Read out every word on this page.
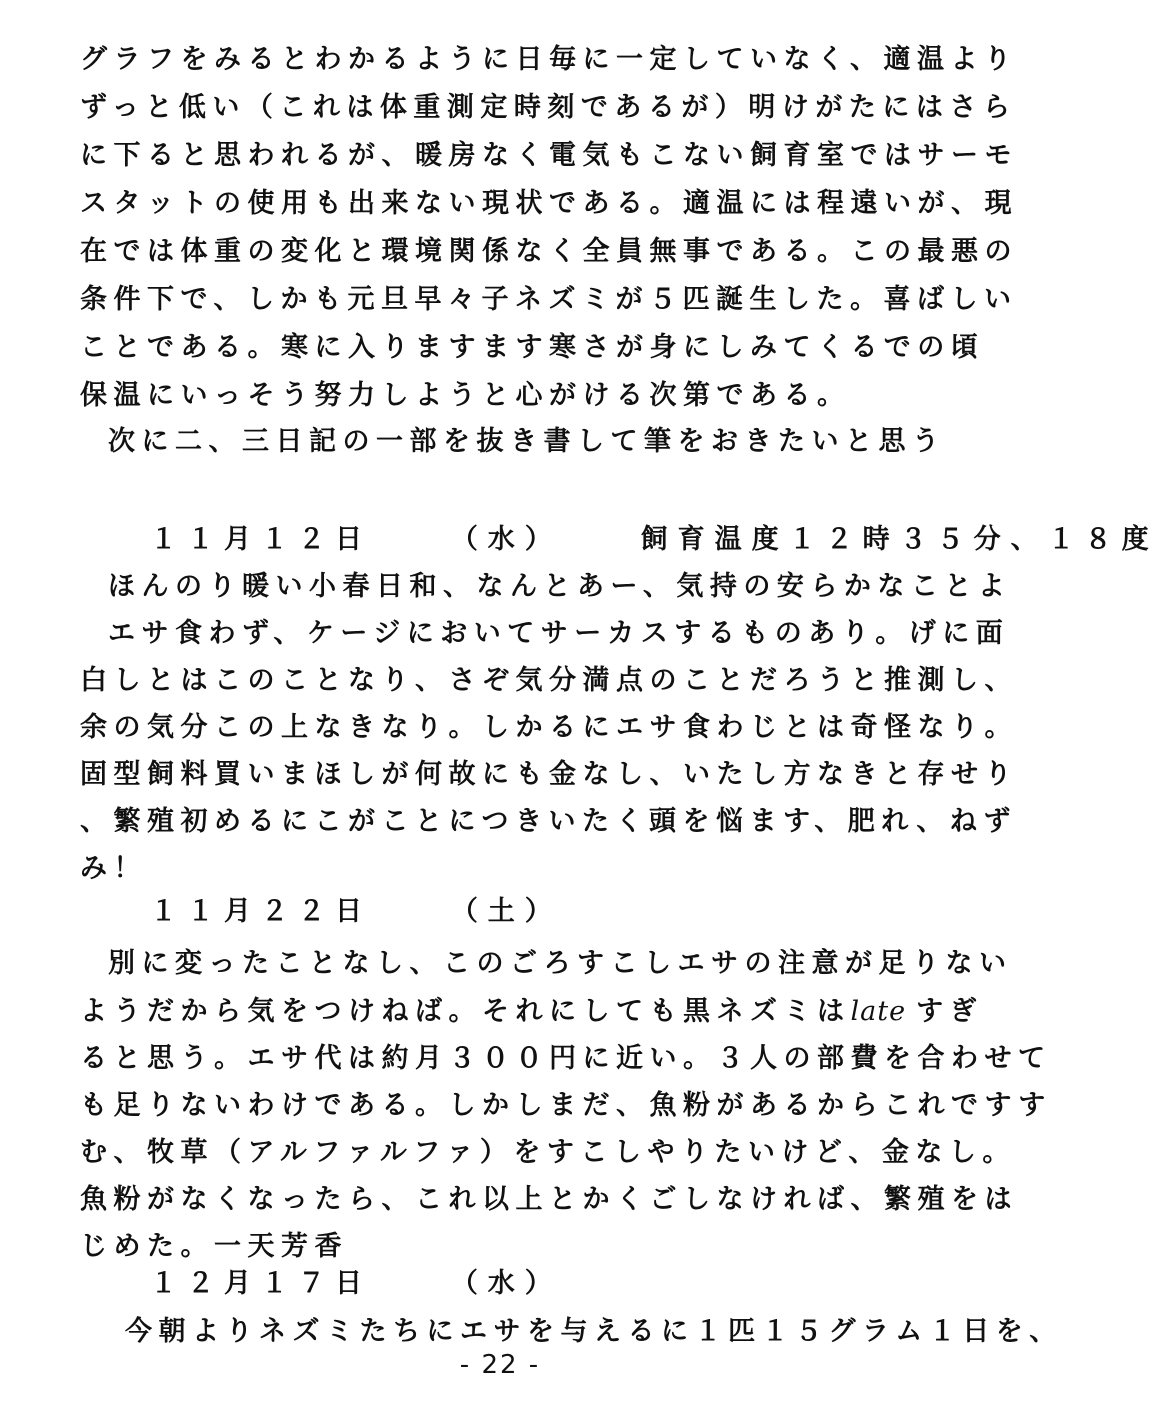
グラフをみるとわかるように日毎に一定していなく、適温より
ずっと低い（これは体重測定時刻であるが）明けがたにはさら
に下ると思われるが、暖房なく電気もこない飼育室ではサーモ
スタットの使用も出来ない現状である。適温には程遠いが、現
在では体重の変化と環境関係なく全員無事である。この最悪の
条件下で、しかも元旦早々子ネズミが５匹誕生した。喜ばしい
ことである。寒に入りますます寒さが身にしみてくるでの頃
保温にいっそう努力しようと心がける次第である。
次に二、三日記の一部を抜き書して筆をおきたいと思う
１１月１２日	（水）	飼育温度１２時３５分、１８度
ほんのり暖い小春日和、なんとあー、気持の安らかなことよ
エサ食わず、ケージにおいてサーカスするものあり。げに面
白しとはこのことなり、さぞ気分満点のことだろうと推測し、
余の気分この上なきなり。しかるにエサ食わじとは奇怪なり。
固型飼料買いまほしが何故にも金なし、いたし方なきと存せり
、繁殖初めるにこがことにつきいたく頭を悩ます、肥れ、ねず
み！
１１月２２日	（土）
別に変ったことなし、このごろすこしエサの注意が足りない
ようだから気をつけねば。それにしても黒ネズミはlate すぎ
ると思う。エサ代は約月３００円に近い。３人の部費を合わせて
も足りないわけである。しかしまだ、魚粉があるからこれですす
む、牧草（アルファルファ）をすこしやりたいけど、金なし。
魚粉がなくなったら、これ以上とかくごしなければ、繁殖をは
じめた。一天芳香
１２月１７日	（水）
今朝よりネズミたちにエサを与えるに１匹１５グラム１日を、
- 22 -
